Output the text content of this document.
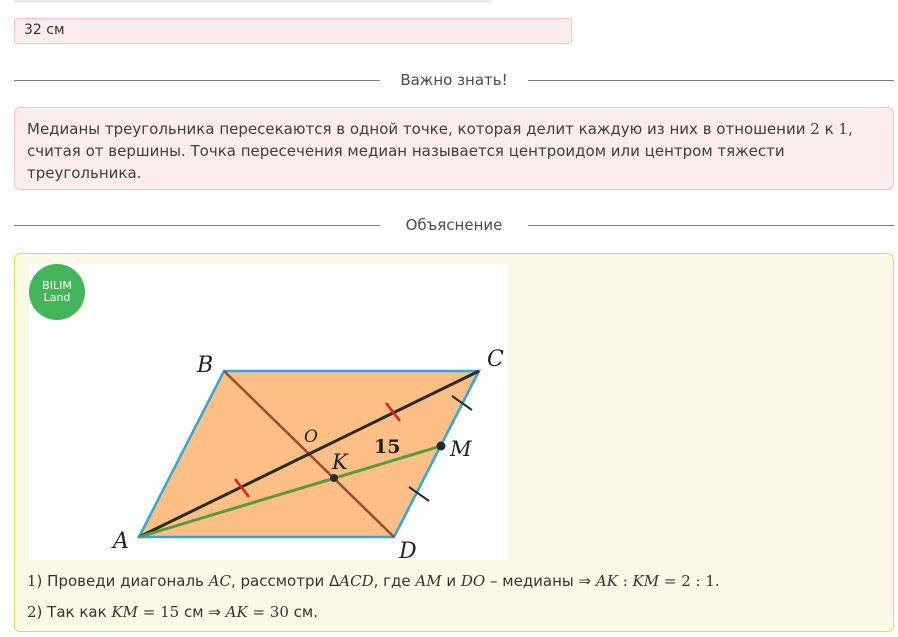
32 см
Важно знать!
Медианы треугольника пересекаются в одной точке, которая делит каждую из них в отношении 2 к 1, считая от вершины. Точка пересечения медиан называется центроидом или центром тяжести треугольника.
Объяснение
BILIM
Land
A
B	C
D
O
K
M
15
1) Проведи диагональ AC, рассмотри ΔACD, где AM и DO – медианы ⇒ AK : KM = 2 : 1.
2) Так как KM = 15 см ⇒ AK = 30 см.
